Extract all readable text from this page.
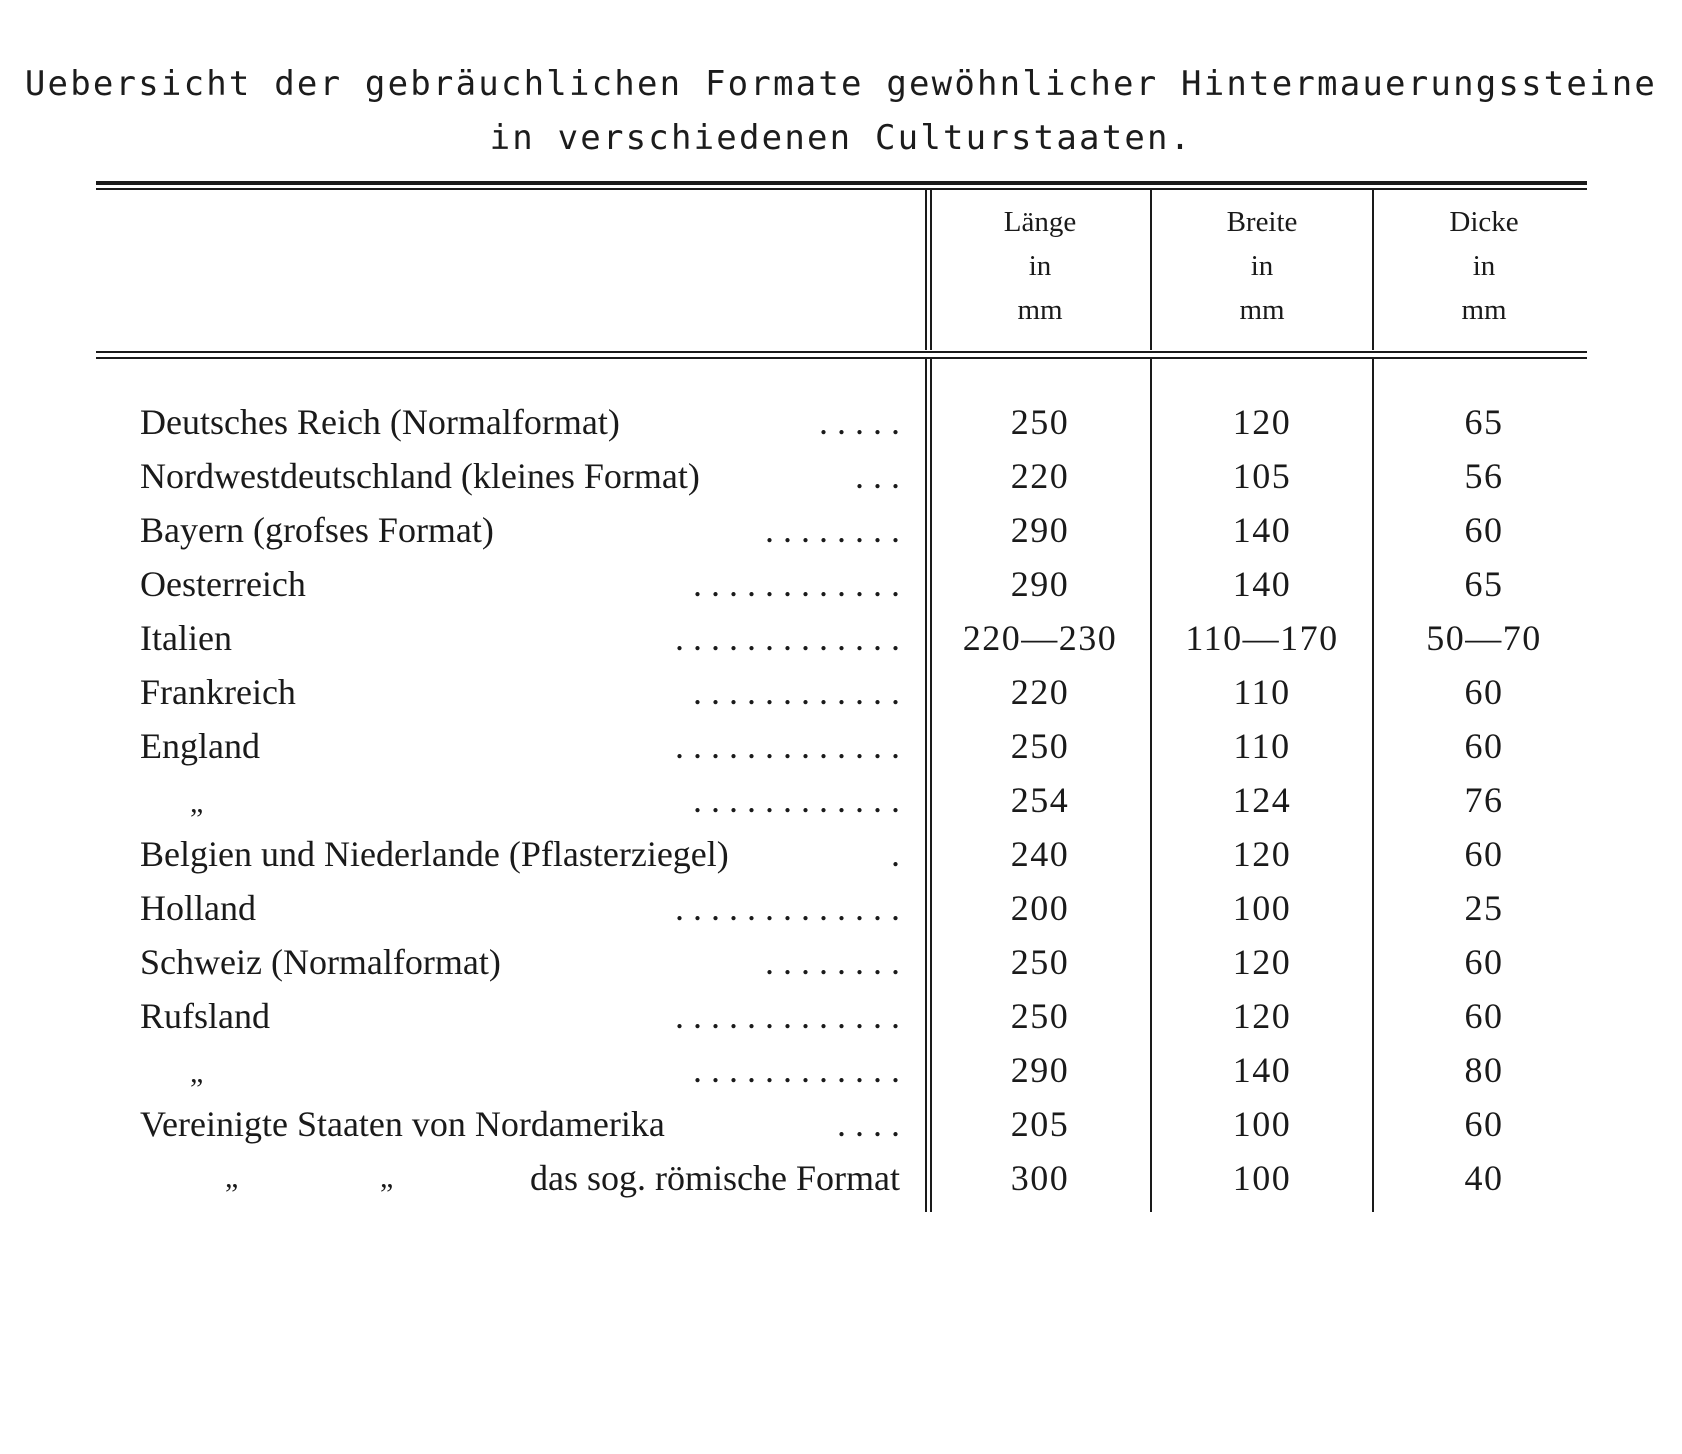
Uebersicht der gebräuchlichen Formate gewöhnlicher Hintermauerungssteine
in verschiedenen Culturstaaten.
Länge
in
mm
Breite
in
mm
Dicke
in
mm
Deutsches Reich (Normalformat)	. . . . .	250	120	65
Nordwestdeutschland (kleines Format)	. . .	220	105	56
Bayern (grofses Format)	. . . . . . . .	290	140	60
Oesterreich	. . . . . . . . . . . .	290	140	65
Italien	. . . . . . . . . . . . .	220—230	110—170	50—70
Frankreich	. . . . . . . . . . . .	220	110	60
England	. . . . . . . . . . . . .	250	110	60
„	. . . . . . . . . . . .	254	124	76
Belgien und Niederlande (Pflasterziegel)	.	240	120	60
Holland	. . . . . . . . . . . . .	200	100	25
Schweiz (Normalformat)	. . . . . . . .	250	120	60
Rufsland	. . . . . . . . . . . . .	250	120	60
„	. . . . . . . . . . . .	290	140	80
Vereinigte Staaten von Nordamerika	. . . .	205	100	60
„	„	das sog. römische Format	300	100	40
